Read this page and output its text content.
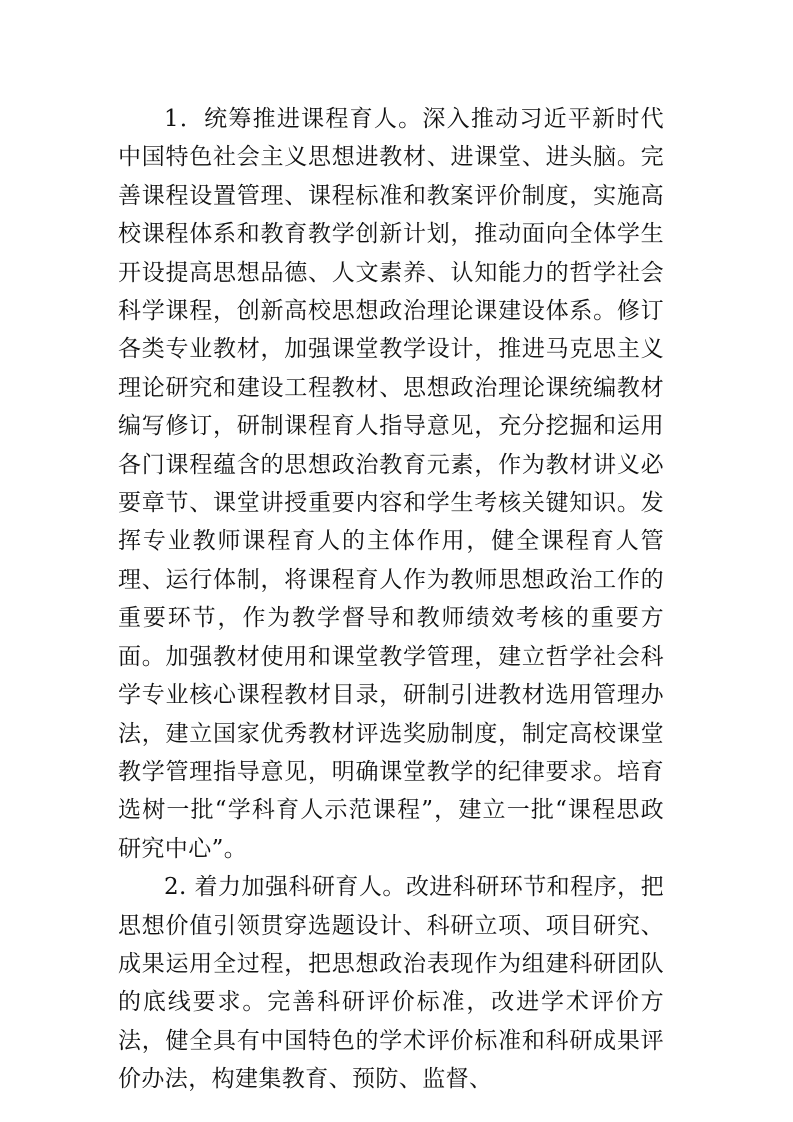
1．统筹推进课程育人。深入推动习近平新时代中国特色社会主义思想进教材、进课堂、进头脑。完善课程设置管理、课程标准和教案评价制度，实施高校课程体系和教育教学创新计划，推动面向全体学生开设提高思想品德、人文素养、认知能力的哲学社会科学课程，创新高校思想政治理论课建设体系。修订各类专业教材，加强课堂教学设计，推进马克思主义理论研究和建设工程教材、思想政治理论课统编教材编写修订，研制课程育人指导意见，充分挖掘和运用各门课程蕴含的思想政治教育元素，作为教材讲义必要章节、课堂讲授重要内容和学生考核关键知识。发挥专业教师课程育人的主体作用，健全课程育人管理、运行体制，将课程育人作为教师思想政治工作的重要环节，作为教学督导和教师绩效考核的重要方面。加强教材使用和课堂教学管理，建立哲学社会科学专业核心课程教材目录，研制引进教材选用管理办法，建立国家优秀教材评选奖励制度，制定高校课堂教学管理指导意见，明确课堂教学的纪律要求。培育选树一批“学科育人示范课程”，建立一批“课程思政研究中心”。

2. 着力加强科研育人。改进科研环节和程序，把思想价值引领贯穿选题设计、科研立项、项目研究、成果运用全过程，把思想政治表现作为组建科研团队的底线要求。完善科研评价标准，改进学术评价方法，健全具有中国特色的学术评价标准和科研成果评价办法，构建集教育、预防、监督、
